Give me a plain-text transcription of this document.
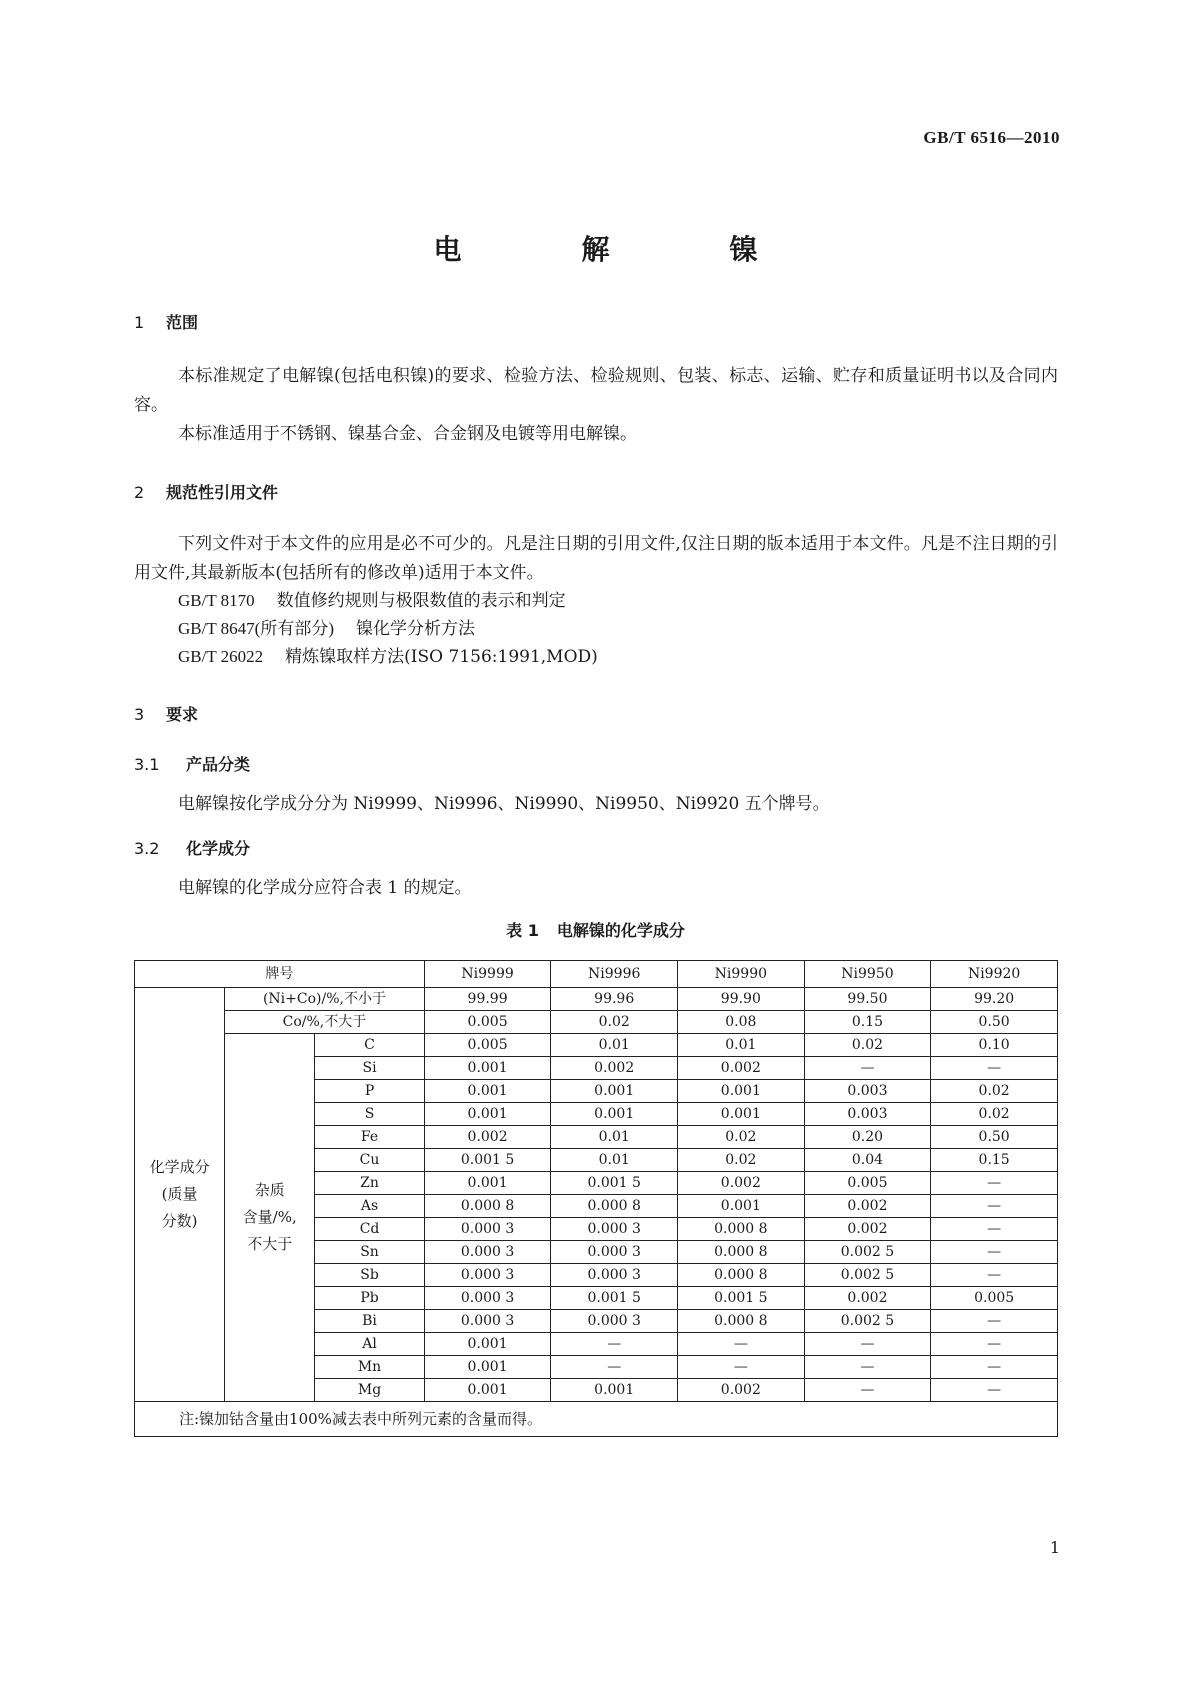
GB/T 6516—2010
电　解　镍
1 范围

本标准规定了电解镍(包括电积镍)的要求、检验方法、检验规则、包装、标志、运输、贮存和质量证明书以及合同内容。

本标准适用于不锈钢、镍基合金、合金钢及电镀等用电解镍。

2 规范性引用文件

下列文件对于本文件的应用是必不可少的。凡是注日期的引用文件,仅注日期的版本适用于本文件。凡是不注日期的引用文件,其最新版本(包括所有的修改单)适用于本文件。

GB/T 8170 数值修约规则与极限数值的表示和判定
GB/T 8647(所有部分) 镍化学分析方法
GB/T 26022 精炼镍取样方法(ISO 7156:1991,MOD)
3 要求
3.1 产品分类

电解镍按化学成分分为 Ni9999、Ni9996、Ni9990、Ni9950、Ni9920 五个牌号。

3.2 化学成分

电解镍的化学成分应符合表 1 的规定。

表 1 电解镍的化学成分
牌号			Ni9999	Ni9996	Ni9990	Ni9950	Ni9920

化学成分
(质量
分数)	(Ni+Co)/%,不小于		99.99	99.96	99.90	99.50	99.20
	Co/%,不大于		0.005	0.02	0.08	0.15	0.50

	杂质
含量/%,
不大于	C	0.005	0.01	0.01	0.02	0.10
		Si	0.001	0.002	0.002	—	—
		P	0.001	0.001	0.001	0.003	0.02
		S	0.001	0.001	0.001	0.003	0.02
		Fe	0.002	0.01	0.02	0.20	0.50
		Cu	0.001 5	0.01	0.02	0.04	0.15
		Zn	0.001	0.001 5	0.002	0.005	—
		As	0.000 8	0.000 8	0.001	0.002	—
		Cd	0.000 3	0.000 3	0.000 8	0.002	—
		Sn	0.000 3	0.000 3	0.000 8	0.002 5	—
		Sb	0.000 3	0.000 3	0.000 8	0.002 5	—
		Pb	0.000 3	0.001 5	0.001 5	0.002	0.005
		Bi	0.000 3	0.000 3	0.000 8	0.002 5	—
		Al	0.001	—	—	—	—
		Mn	0.001	—	—	—	—
		Mg	0.001	0.001	0.002	—	—
注:镍加钴含量由100%减去表中所列元素的含量而得。							
1
